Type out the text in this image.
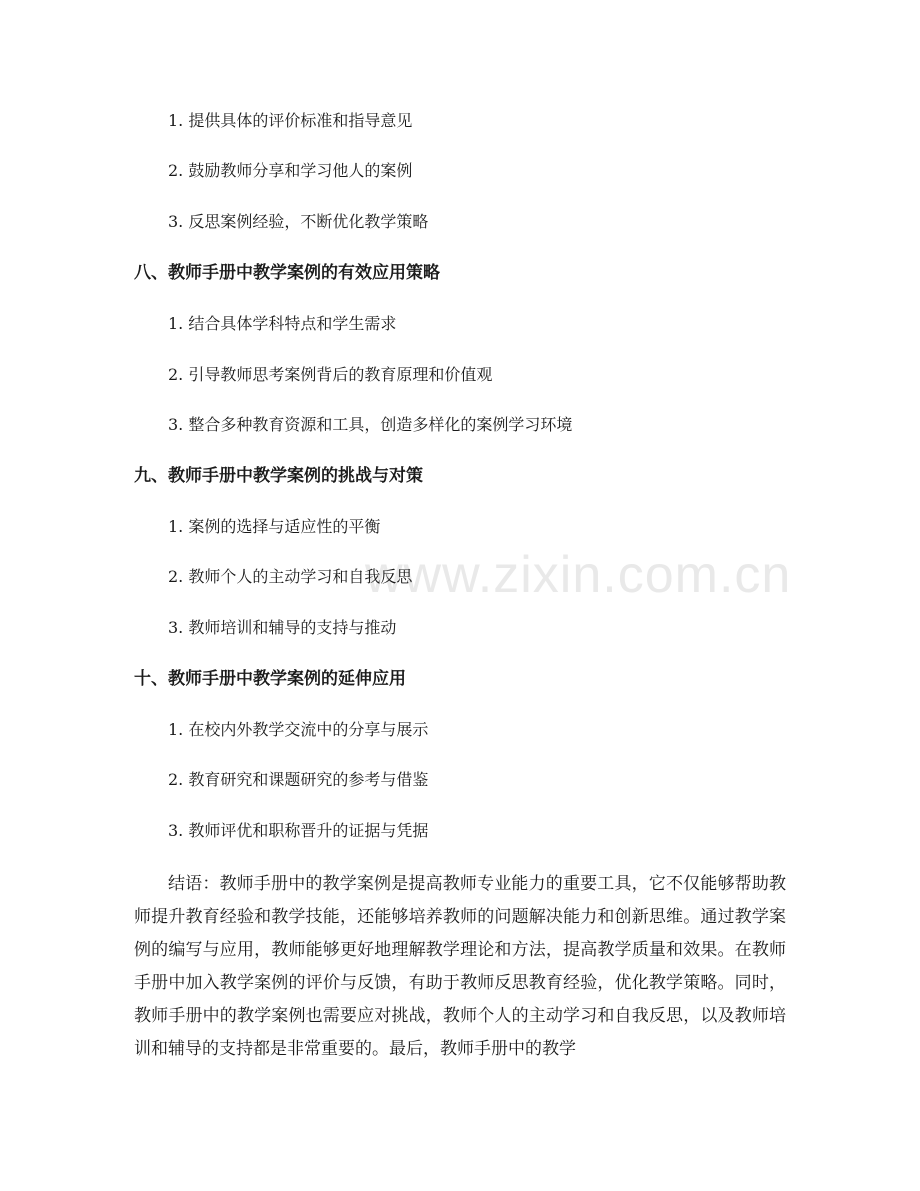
www.zixin.com.cn
1. 提供具体的评价标准和指导意见
2. 鼓励教师分享和学习他人的案例
3. 反思案例经验，不断优化教学策略
八、教师手册中教学案例的有效应用策略
1. 结合具体学科特点和学生需求
2. 引导教师思考案例背后的教育原理和价值观
3. 整合多种教育资源和工具，创造多样化的案例学习环境
九、教师手册中教学案例的挑战与对策
1. 案例的选择与适应性的平衡
2. 教师个人的主动学习和自我反思
3. 教师培训和辅导的支持与推动
十、教师手册中教学案例的延伸应用
1. 在校内外教学交流中的分享与展示
2. 教育研究和课题研究的参考与借鉴
3. 教师评优和职称晋升的证据与凭据

结语：教师手册中的教学案例是提高教师专业能力的重要工具，它不仅能够帮助教师提升教育经验和教学技能，还能够培养教师的问题解决能力和创新思维。通过教学案例的编写与应用，教师能够更好地理解教学理论和方法，提高教学质量和效果。在教师手册中加入教学案例的评价与反馈，有助于教师反思教育经验，优化教学策略。同时，教师手册中的教学案例也需要应对挑战，教师个人的主动学习和自我反思，以及教师培训和辅导的支持都是非常重要的。最后，教师手册中的教学
